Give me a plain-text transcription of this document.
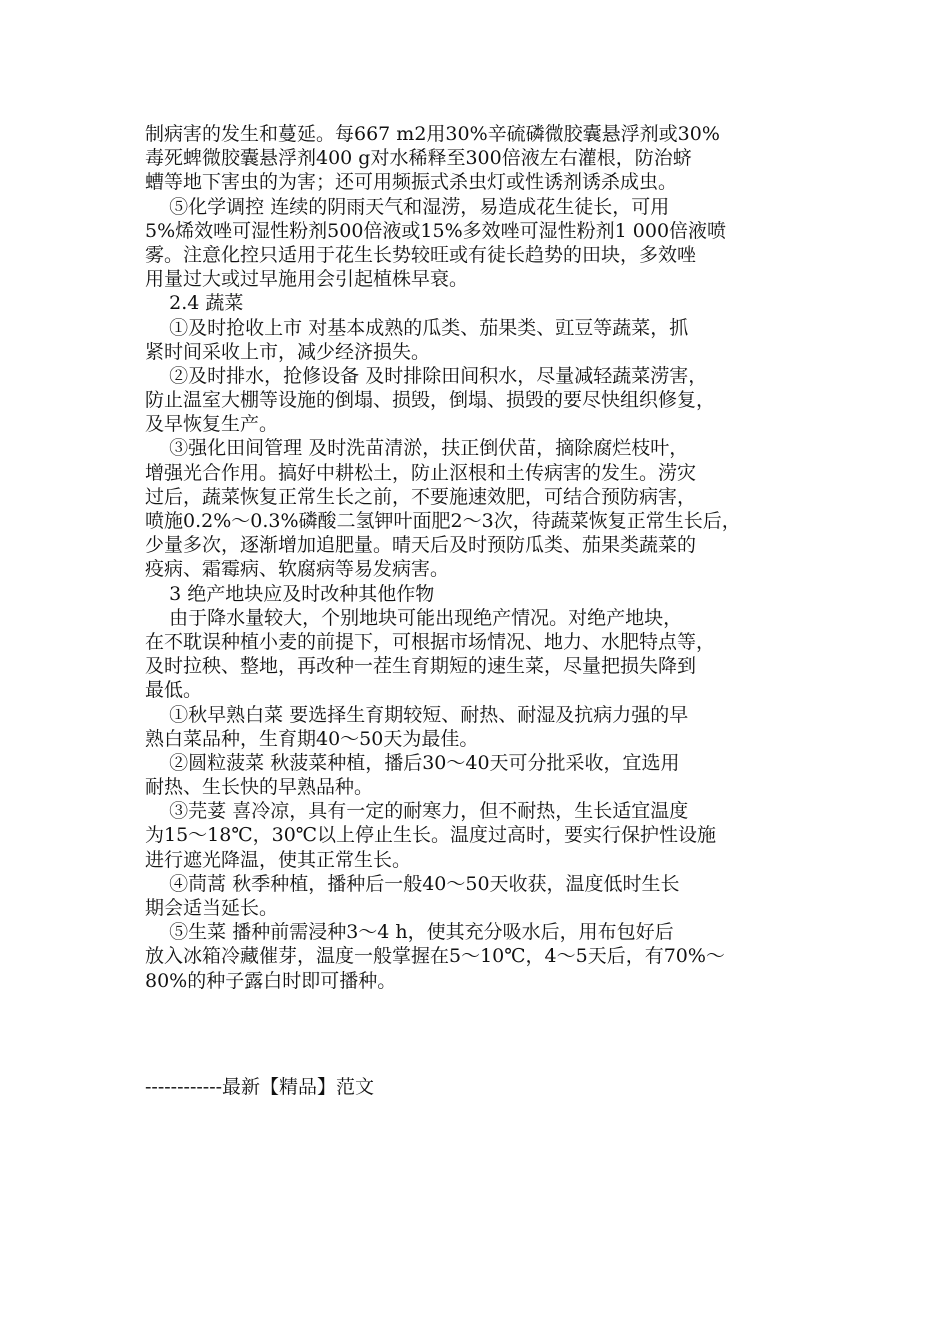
制病害的发生和蔓延。每667 m2用30%辛硫磷微胶囊悬浮剂或30%
毒死蜱微胶囊悬浮剂400 g对水稀释至300倍液左右灌根，防治蛴
螬等地下害虫的为害；还可用频振式杀虫灯或性诱剂诱杀成虫。
⑤化学调控 连续的阴雨天气和湿涝，易造成花生徒长，可用
5%烯效唑可湿性粉剂500倍液或15%多效唑可湿性粉剂1 000倍液喷
雾。注意化控只适用于花生长势较旺或有徒长趋势的田块，多效唑
用量过大或过早施用会引起植株早衰。
2.4 蔬菜
①及时抢收上市 对基本成熟的瓜类、茄果类、豇豆等蔬菜，抓
紧时间采收上市，减少经济损失。
②及时排水，抢修设备 及时排除田间积水，尽量减轻蔬菜涝害，
防止温室大棚等设施的倒塌、损毁，倒塌、损毁的要尽快组织修复，
及早恢复生产。
③强化田间管理 及时洗苗清淤，扶正倒伏苗，摘除腐烂枝叶，
增强光合作用。搞好中耕松土，防止沤根和土传病害的发生。涝灾
过后，蔬菜恢复正常生长之前，不要施速效肥，可结合预防病害，
喷施0.2%～0.3%磷酸二氢钾叶面肥2～3次，待蔬菜恢复正常生长后，
少量多次，逐渐增加追肥量。晴天后及时预防瓜类、茄果类蔬菜的
疫病、霜霉病、软腐病等易发病害。
3 绝产地块应及时改种其他作物
由于降水量较大，个别地块可能出现绝产情况。对绝产地块，
在不耽误种植小麦的前提下，可根据市场情况、地力、水肥特点等，
及时拉秧、整地，再改种一茬生育期短的速生菜，尽量把损失降到
最低。
①秋早熟白菜 要选择生育期较短、耐热、耐湿及抗病力强的早
熟白菜品种，生育期40～50天为最佳。
②圆粒菠菜 秋菠菜种植，播后30～40天可分批采收，宜选用
耐热、生长快的早熟品种。
③芫荽 喜冷凉，具有一定的耐寒力，但不耐热，生长适宜温度
为15～18℃，30℃以上停止生长。温度过高时，要实行保护性设施
进行遮光降温，使其正常生长。
④茼蒿 秋季种植，播种后一般40～50天收获，温度低时生长
期会适当延长。
⑤生菜 播种前需浸种3～4 h，使其充分吸水后，用布包好后
放入冰箱冷藏催芽，温度一般掌握在5～10℃，4～5天后，有70%～
80%的种子露白时即可播种。
------------最新【精品】范文
